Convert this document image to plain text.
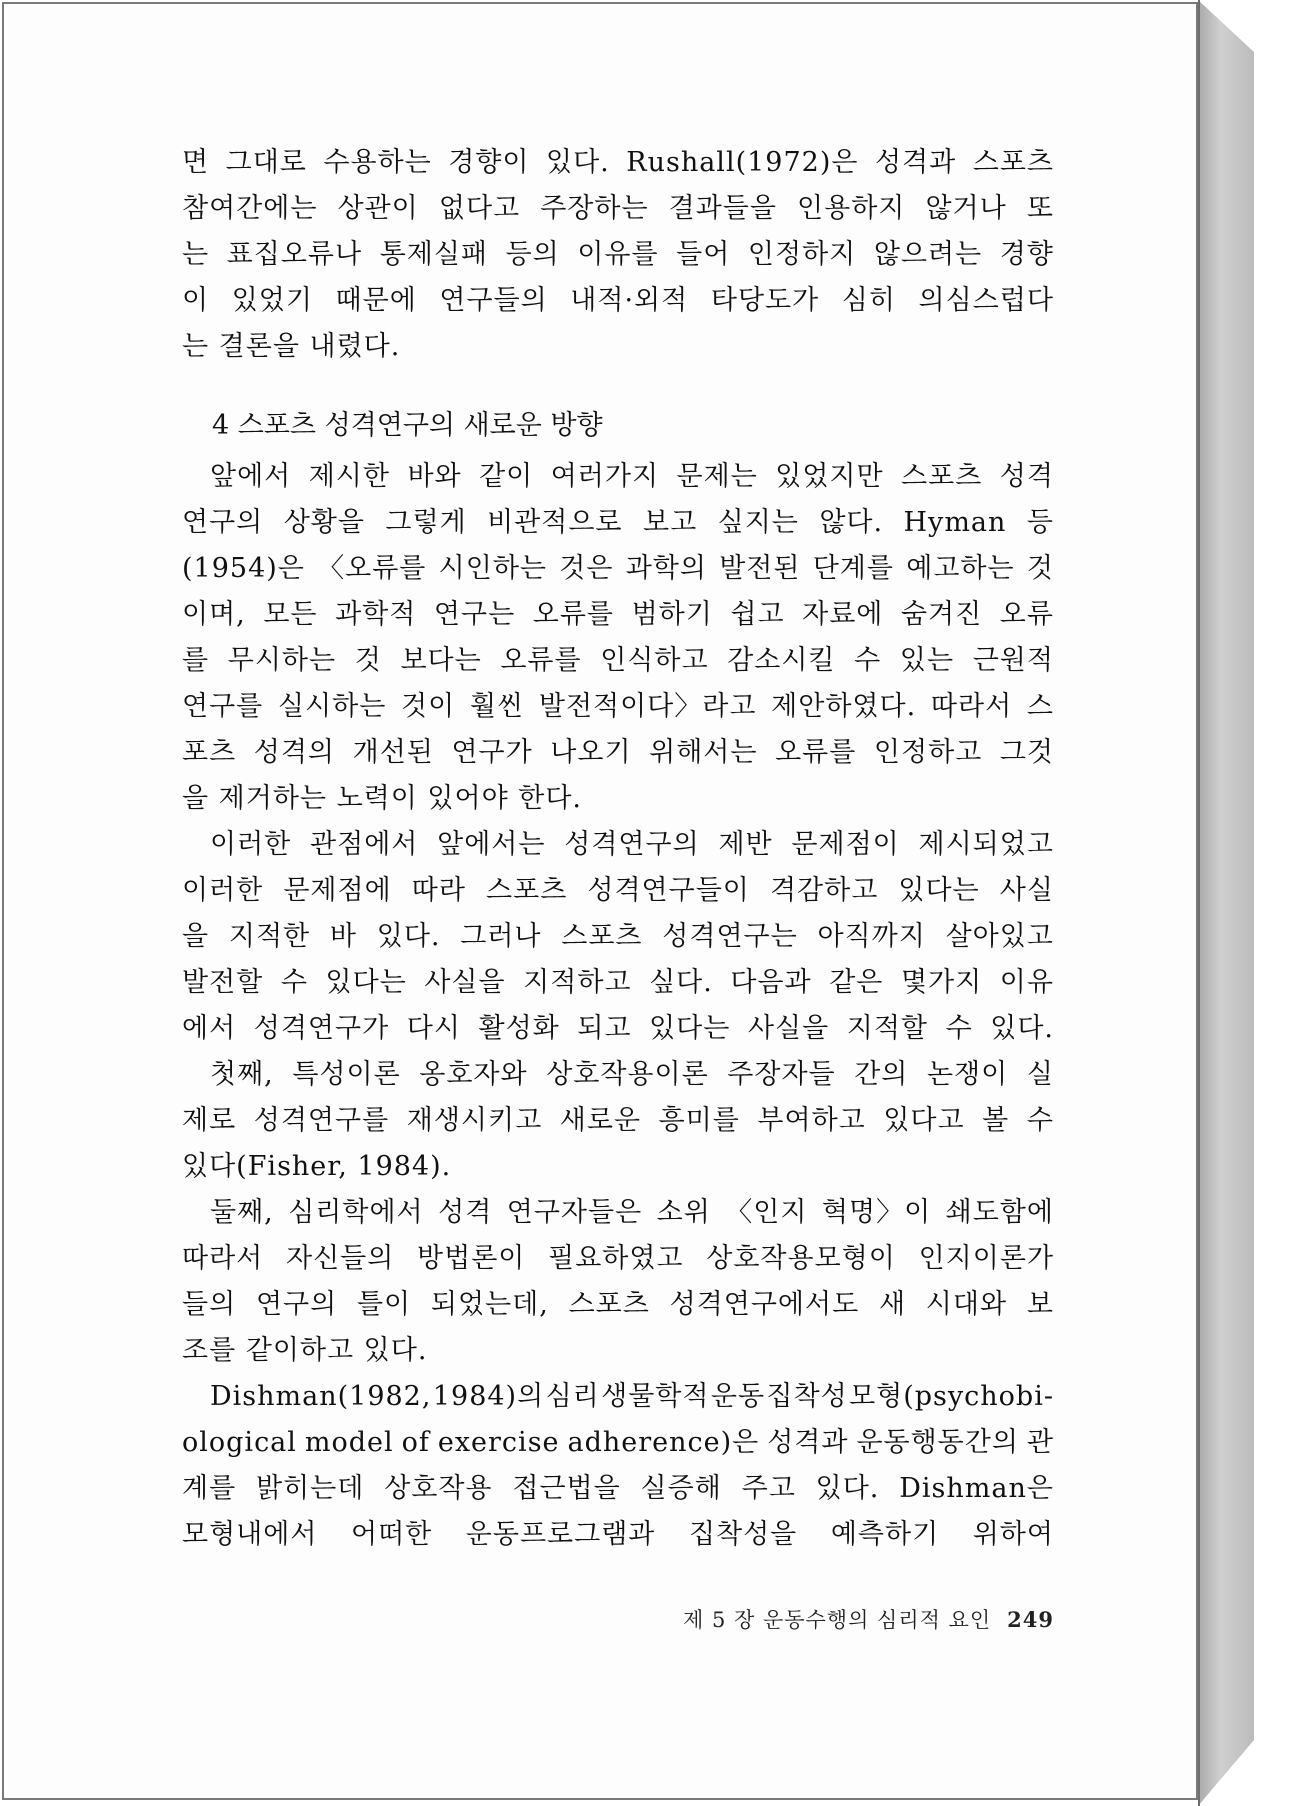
면 그대로 수용하는 경향이 있다. Rushall(1972)은 성격과 스포츠
참여간에는 상관이 없다고 주장하는 결과들을 인용하지 않거나 또
는 표집오류나 통제실패 등의 이유를 들어 인정하지 않으려는 경향
이 있었기 때문에 연구들의 내적·외적 타당도가 심히 의심스럽다
는 결론을 내렸다.
4 스포츠 성격연구의 새로운 방향
앞에서 제시한 바와 같이 여러가지 문제는 있었지만 스포츠 성격
연구의 상황을 그렇게 비관적으로 보고 싶지는 않다. Hyman 등
(1954)은 〈오류를 시인하는 것은 과학의 발전된 단계를 예고하는 것
이며, 모든 과학적 연구는 오류를 범하기 쉽고 자료에 숨겨진 오류
를 무시하는 것 보다는 오류를 인식하고 감소시킬 수 있는 근원적
연구를 실시하는 것이 훨씬 발전적이다〉라고 제안하였다. 따라서 스
포츠 성격의 개선된 연구가 나오기 위해서는 오류를 인정하고 그것
을 제거하는 노력이 있어야 한다.
이러한 관점에서 앞에서는 성격연구의 제반 문제점이 제시되었고
이러한 문제점에 따라 스포츠 성격연구들이 격감하고 있다는 사실
을 지적한 바 있다. 그러나 스포츠 성격연구는 아직까지 살아있고
발전할 수 있다는 사실을 지적하고 싶다. 다음과 같은 몇가지 이유
에서 성격연구가 다시 활성화 되고 있다는 사실을 지적할 수 있다.
첫째, 특성이론 옹호자와 상호작용이론 주장자들 간의 논쟁이 실
제로 성격연구를 재생시키고 새로운 흥미를 부여하고 있다고 볼 수
있다(Fisher, 1984).
둘째, 심리학에서 성격 연구자들은 소위 〈인지 혁명〉이 쇄도함에
따라서 자신들의 방법론이 필요하였고 상호작용모형이 인지이론가
들의 연구의 틀이 되었는데, 스포츠 성격연구에서도 새 시대와 보
조를 같이하고 있다.
Dishman(1982, 1984)의 심리 생물학적 운동 집착성 모형(psychobi-
ological model of exercise adherence)은 성격과 운동행동간의 관
계를 밝히는데 상호작용 접근법을 실증해 주고 있다. Dishman은
모형내에서 어떠한 운동프로그램과 집착성을 예측하기 위하여
제 5 장 운동수행의 심리적 요인 249
